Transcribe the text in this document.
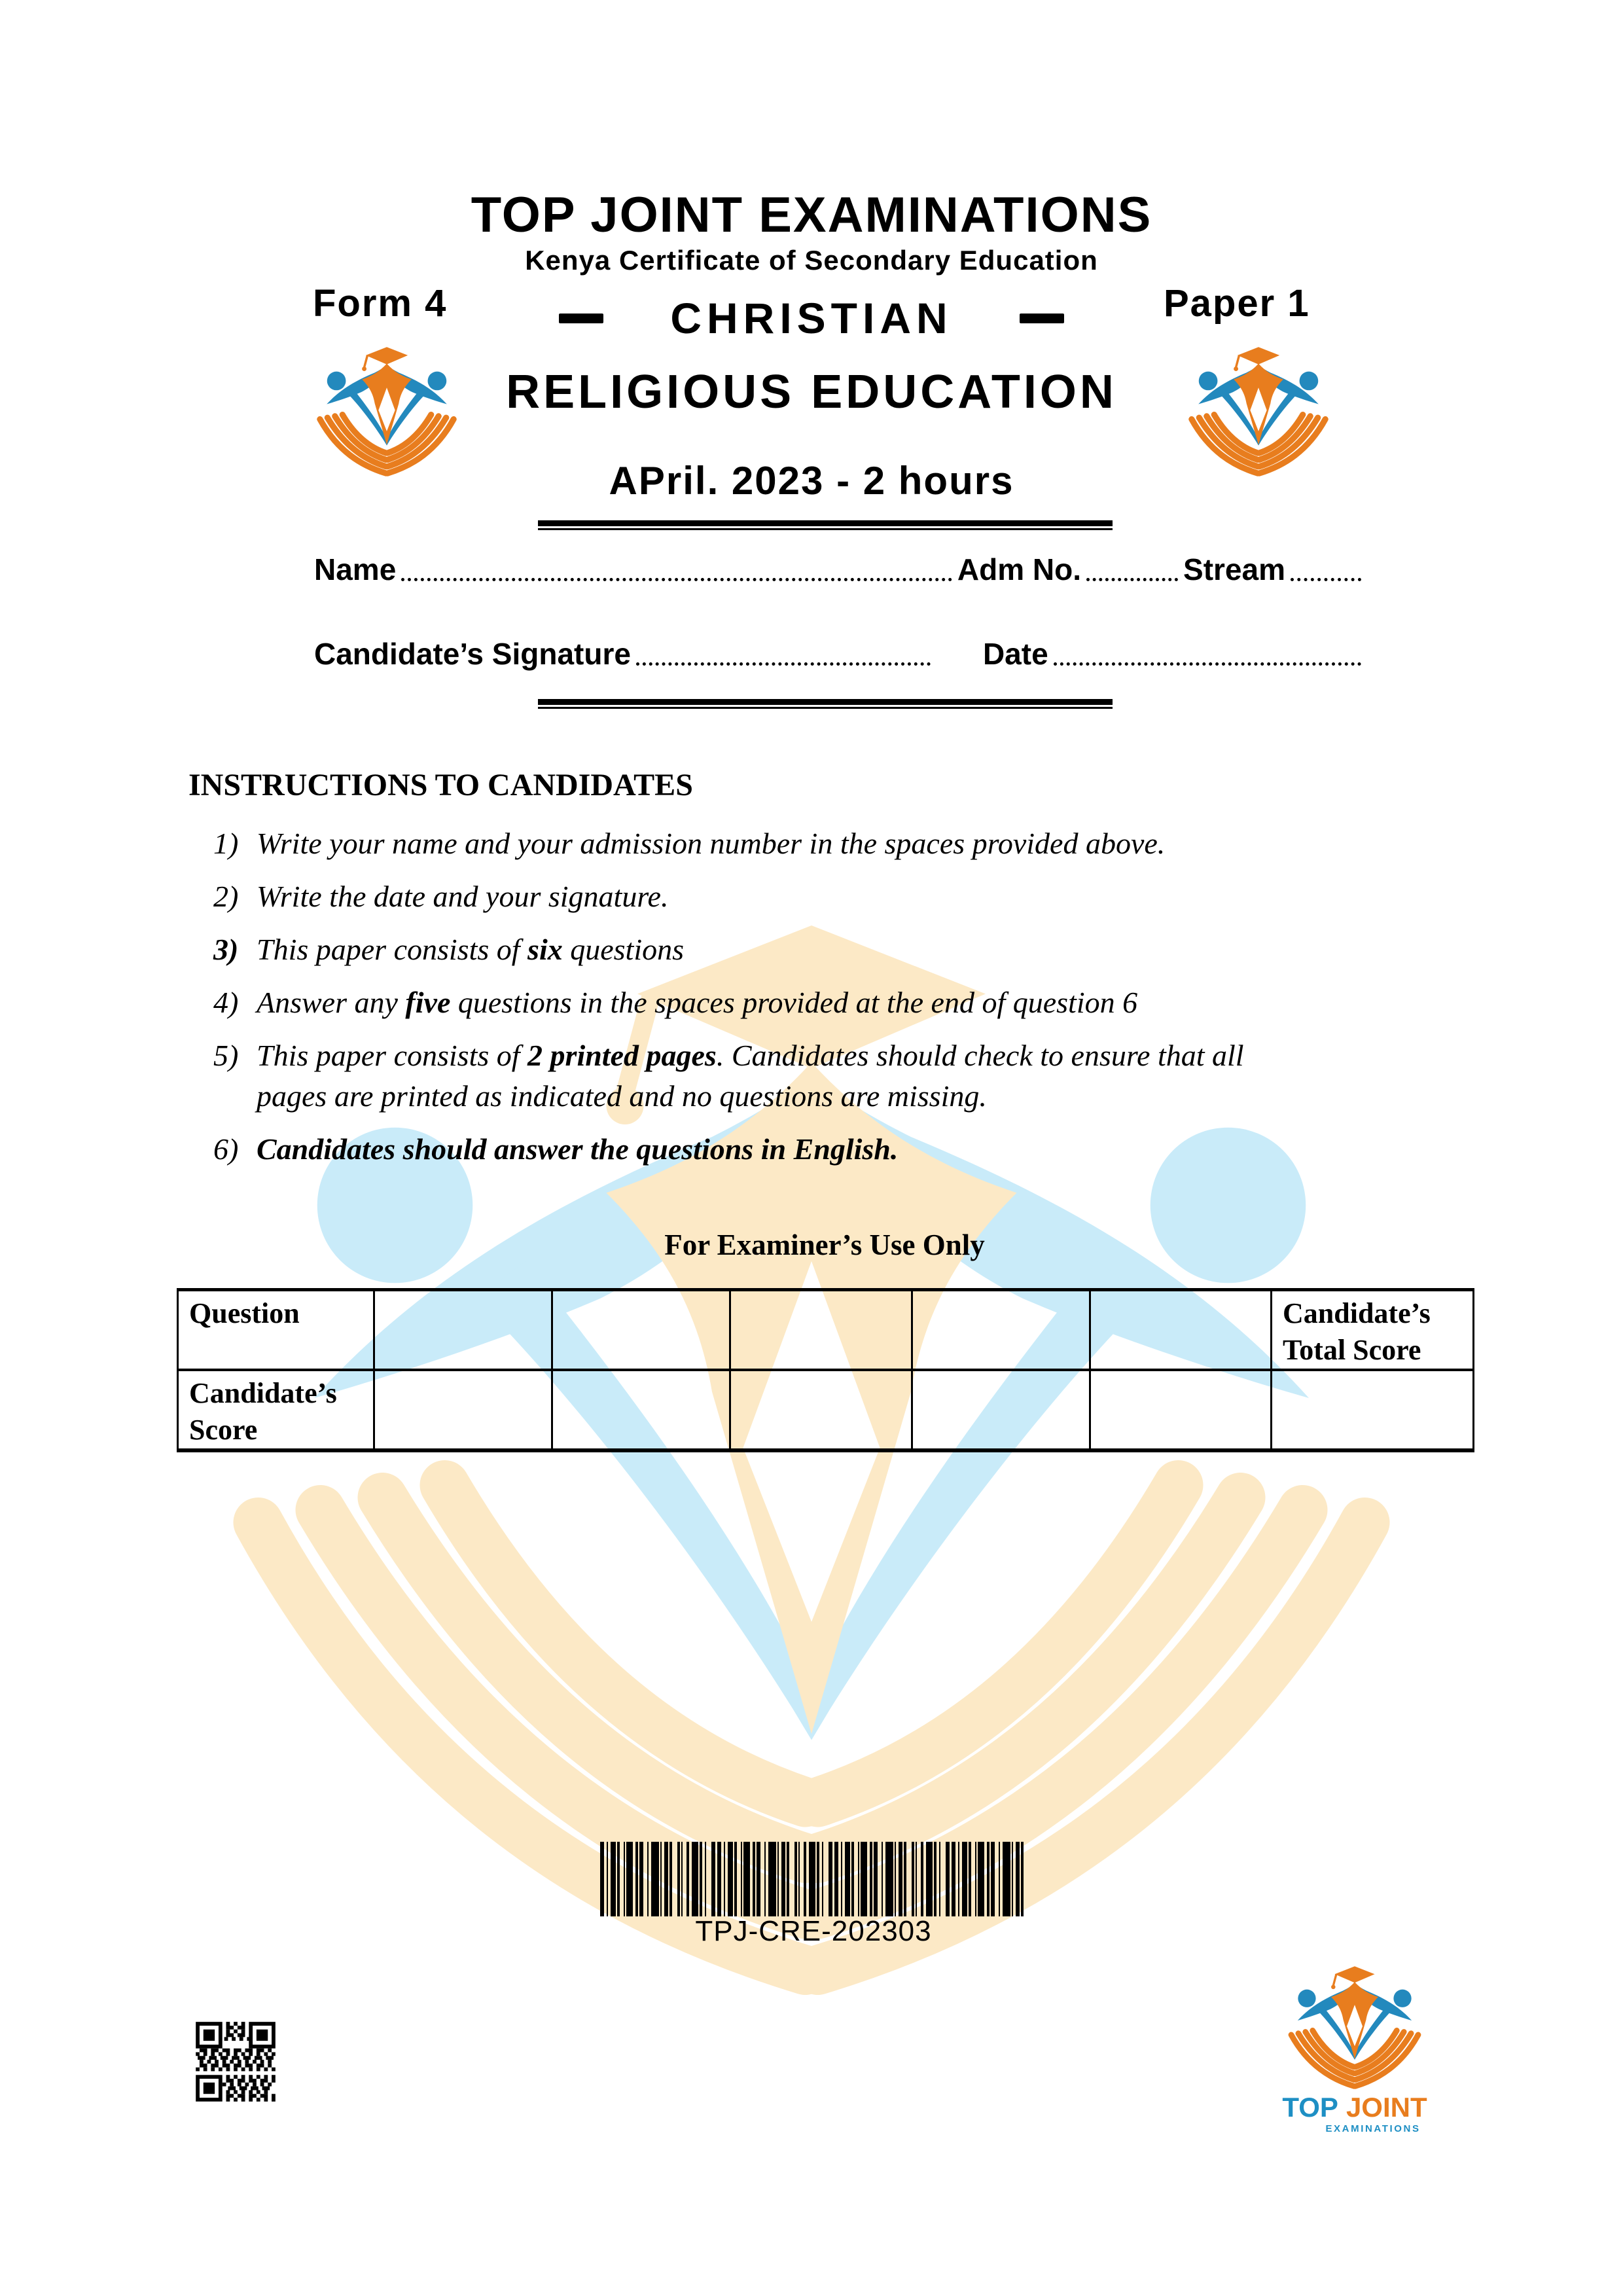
TOP JOINT EXAMINATIONS
Kenya Certificate of Secondary Education
Form 4	Paper 1
CHRISTIAN
RELIGIOUS EDUCATION
APril. 2023 - 2 hours
Name	Adm No.	Stream
Candidate’s Signature	Date
INSTRUCTIONS TO CANDIDATES
1) Write your name and your admission number in the spaces provided above.
2) Write the date and your signature.
3) This paper consists of six questions
4) Answer any five questions in the spaces provided at the end of question 6
5) This paper consists of 2 printed pages. Candidates should check to ensure that all
pages are printed as indicated and no questions are missing.
6) Candidates should answer the questions in English.
For Examiner’s Use Only
Question						Candidate’s Total Score
Candidate’s Score						
TPJ-CRE-202303
TOP JOINT
EXAMINATIONS
